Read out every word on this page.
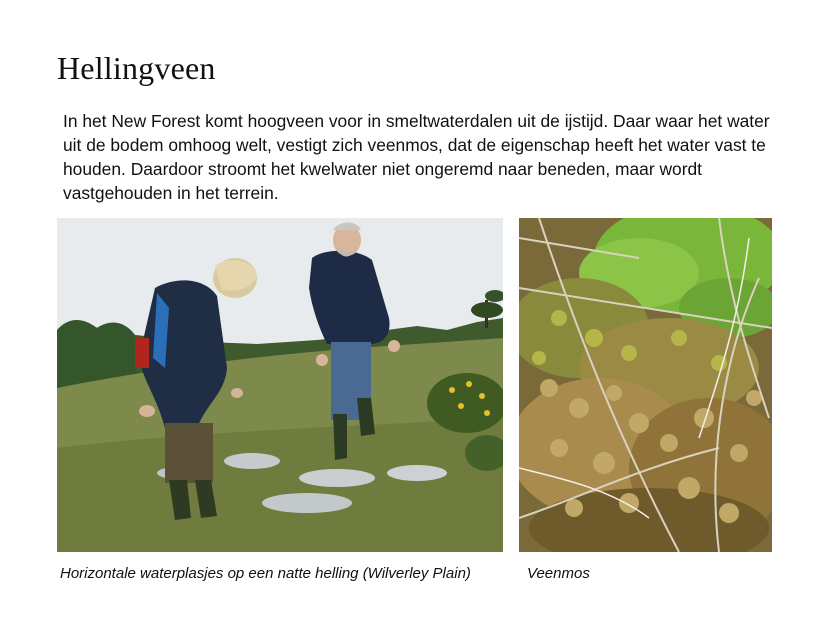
Hellingveen

In het New Forest komt hoogveen voor in smeltwaterdalen uit de ijstijd. Daar waar het water uit de bodem omhoog welt, vestigt zich veenmos, dat de eigenschap heeft het water vast te houden. Daardoor stroomt het kwelwater niet ongeremd naar beneden, maar wordt vastgehouden in het terrein.

Horizontale waterplasjes op een natte helling (Wilverley Plain)	Veenmos
